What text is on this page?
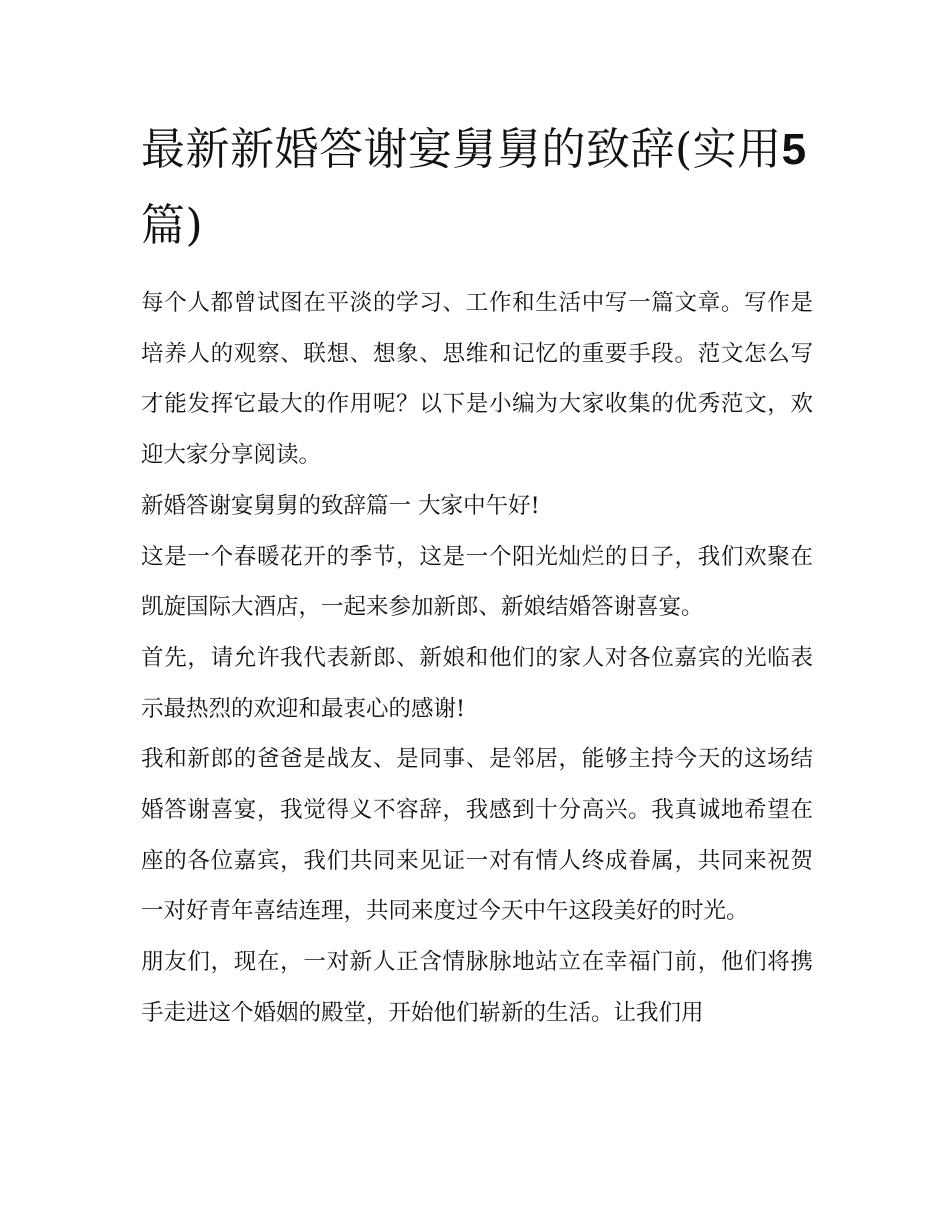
最新新婚答谢宴舅舅的致辞(实用5 篇)

每个人都曾试图在平淡的学习、工作和生活中写一篇文章。写作是培养人的观察、联想、想象、思维和记忆的重要手段。范文怎么写才能发挥它最大的作用呢？以下是小编为大家收集的优秀范文，欢迎大家分享阅读。

新婚答谢宴舅舅的致辞篇一 大家中午好!

这是一个春暖花开的季节，这是一个阳光灿烂的日子，我们欢聚在凯旋国际大酒店，一起来参加新郎、新娘结婚答谢喜宴。

首先，请允许我代表新郎、新娘和他们的家人对各位嘉宾的光临表示最热烈的欢迎和最衷心的感谢!

我和新郎的爸爸是战友、是同事、是邻居，能够主持今天的这场结婚答谢喜宴，我觉得义不容辞，我感到十分高兴。我真诚地希望在座的各位嘉宾，我们共同来见证一对有情人终成眷属，共同来祝贺一对好青年喜结连理，共同来度过今天中午这段美好的时光。

朋友们，现在，一对新人正含情脉脉地站立在幸福门前，他们将携手走进这个婚姻的殿堂，开始他们崭新的生活。让我们用
